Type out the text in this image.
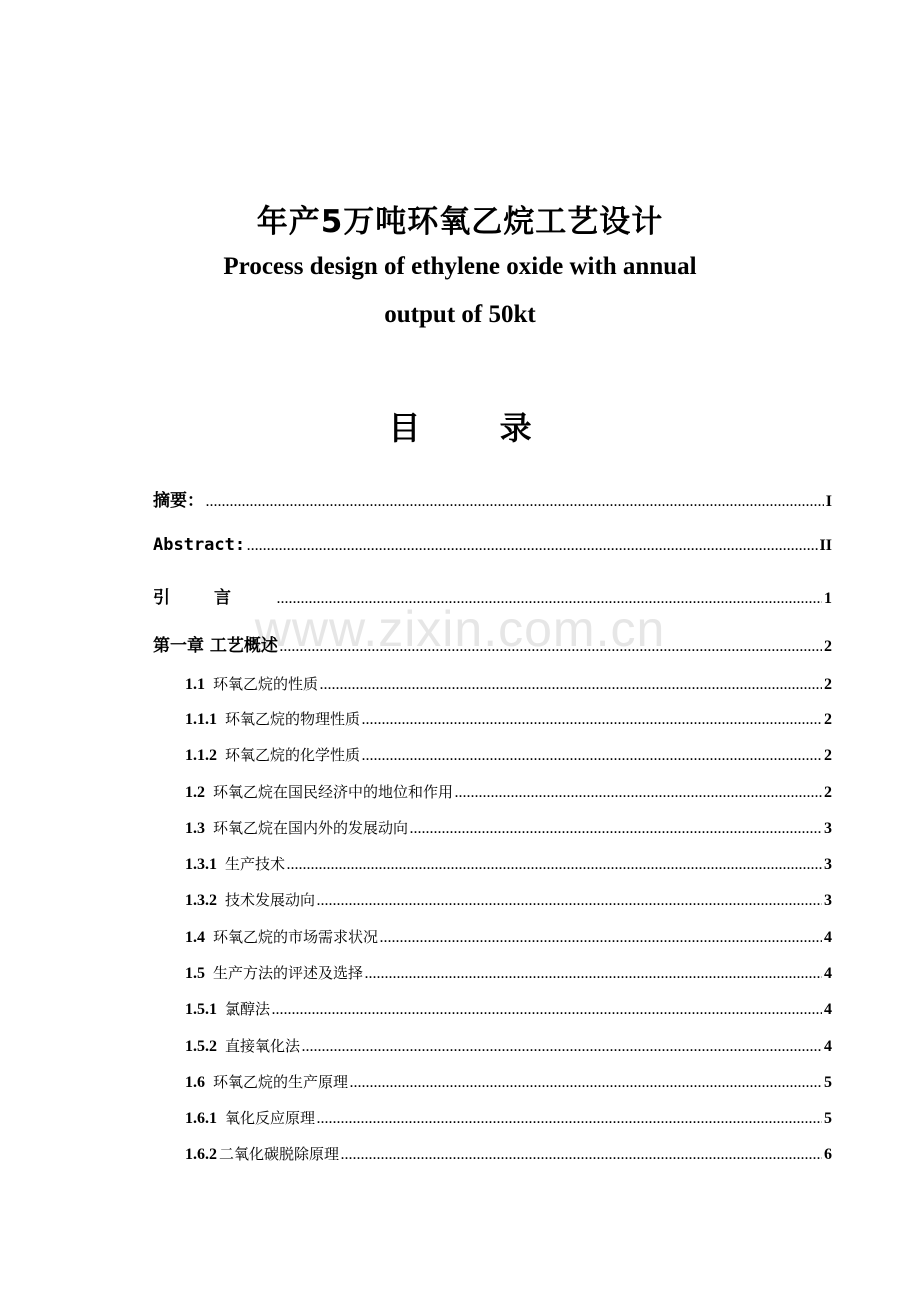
年产5万吨环氧乙烷工艺设计
Process design of ethylene oxide with annual
output of 50kt
目 录
www.zixin.com.cn
摘要： .....	I
Abstract: .....	II
引言 .....	1
第一章 工艺概述 .....	2
1.1 环氧乙烷的性质 .....	2
1.1.1 环氧乙烷的物理性质 .....	2
1.1.2 环氧乙烷的化学性质 .....	2
1.2 环氧乙烷在国民经济中的地位和作用 .....	2
1.3 环氧乙烷在国内外的发展动向 .....	3
1.3.1 生产技术 .....	3
1.3.2 技术发展动向 .....	3
1.4 环氧乙烷的市场需求状况 .....	4
1.5 生产方法的评述及选择 .....	4
1.5.1 氯醇法 .....	4
1.5.2 直接氧化法 .....	4
1.6 环氧乙烷的生产原理 .....	5
1.6.1 氧化反应原理 .....	5
1.6.2 二氧化碳脱除原理 .....	6
